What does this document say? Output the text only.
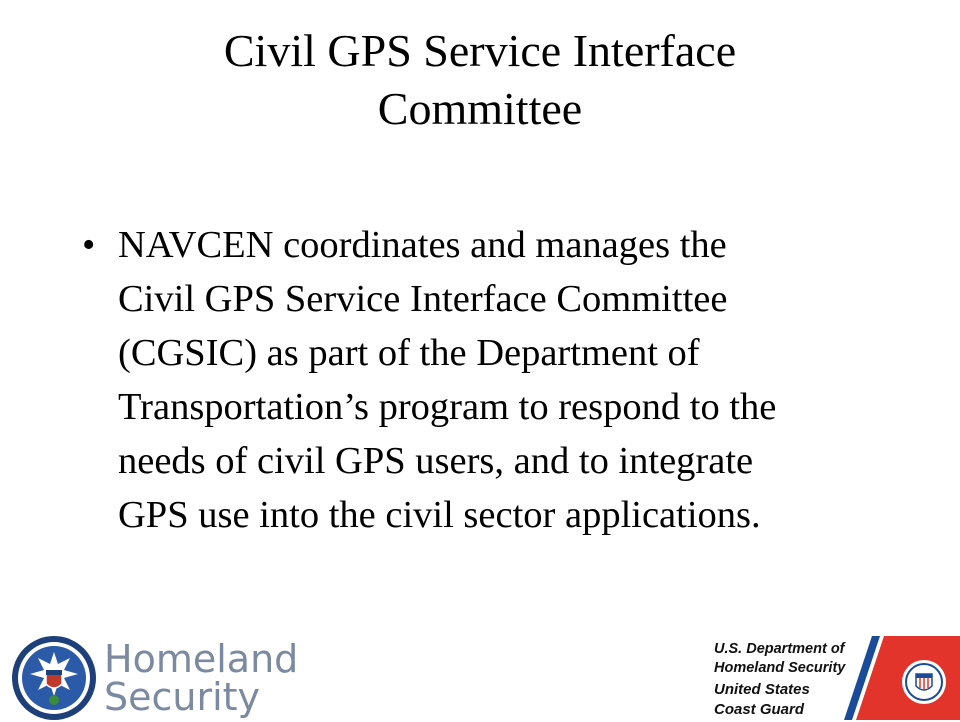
Civil GPS Service Interface
Committee
• NAVCEN coordinates and manages the
Civil GPS Service Interface Committee
(CGSIC) as part of the Department of
Transportation’s program to respond to the
needs of civil GPS users, and to integrate
GPS use into the civil sector applications.
Homeland
Security
U.S. Department of
Homeland Security
United States
Coast Guard
